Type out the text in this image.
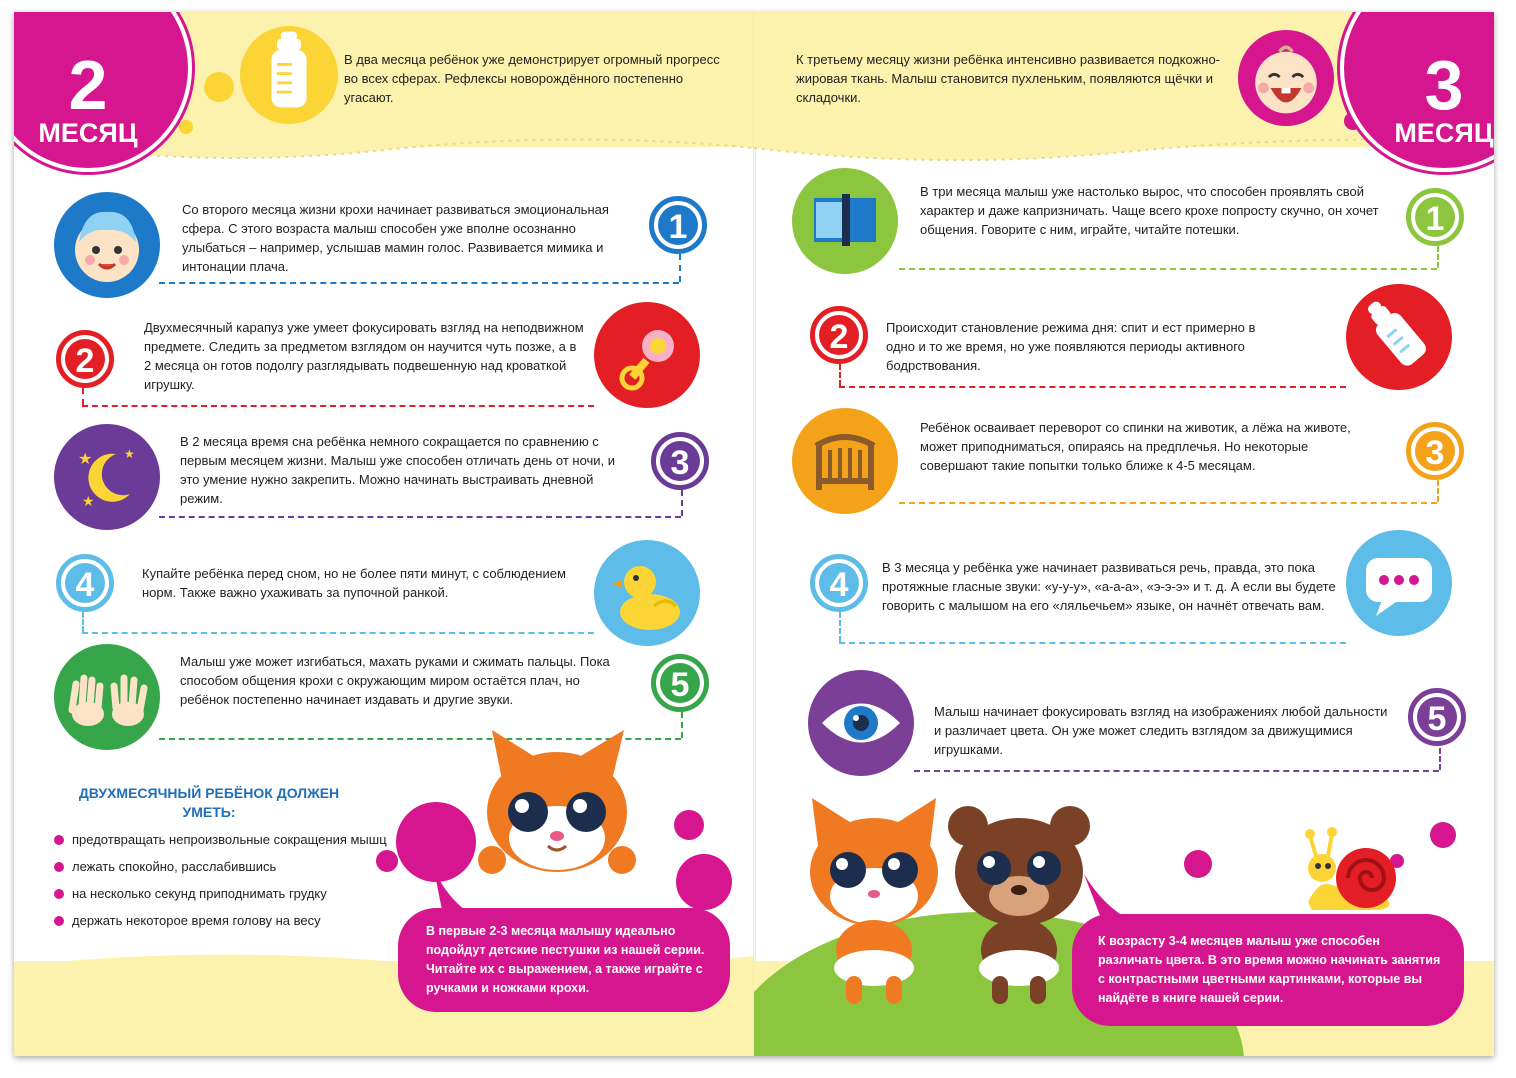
2
МЕСЯЦ
В два месяца ребёнок уже демонстрирует огромный прогресс во всех сферах. Рефлексы новорождённого постепенно угасают.
Со второго месяца жизни крохи начинает развиваться эмоциональная сфера. С этого возраста малыш способен уже вполне осознанно улыбаться – например, услышав мамин голос. Развивается мимика и интонации плача.
1
2
Двухмесячный карапуз уже умеет фокусировать взгляд на неподвижном предмете. Следить за предметом взглядом он научится чуть позже, а в 2 месяца он готов подолгу разглядывать подвешенную над кроваткой игрушку.
★	★
★
В 2 месяца время сна ребёнка немного сокращается по сравнению с первым месяцем жизни. Малыш уже способен отличать день от ночи, и это умение нужно закрепить. Можно начинать выстраивать дневной режим.
3
4	Купайте ребёнка перед сном, но не более пяти минут, с соблюдением норм. Также важно ухаживать за пупочной ранкой.
Малыш уже может изгибаться, махать руками и сжимать пальцы. Пока способом общения крохи с окружающим миром остаётся плач, но ребёнок постепенно начинает издавать и другие звуки.	5
ДВУХМЕСЯЧНЫЙ РЕБЁНОК ДОЛЖЕН УМЕТЬ:
предотвращать непроизвольные сокращения мышц
лежать спокойно, расслабившись
на несколько секунд приподнимать грудку
держать некоторое время голову на весу
В первые 2-3 месяца малышу идеально подойдут детские пестушки из нашей серии. Читайте их с выражением, а также играйте с ручками и ножками крохи.
К третьему месяцу жизни ребёнка интенсивно развивается подкожно-жировая ткань. Малыш становится пухленьким, появляются щёчки и складочки.	3
МЕСЯЦ
В три месяца малыш уже настолько вырос, что способен проявлять свой характер и даже капризничать. Чаще всего крохе попросту скучно, он хочет общения. Говорите с ним, играйте, читайте потешки.	1
2	Происходит становление режима дня: спит и ест примерно в одно и то же время, но уже появляются периоды активного бодрствования.
Ребёнок осваивает переворот со спинки на животик, а лёжа на животе, может приподниматься, опираясь на предплечья. Но некоторые совершают такие попытки только ближе к 4-5 месяцам.	3
4	В 3 месяца у ребёнка уже начинает развиваться речь, правда, это пока протяжные гласные звуки: «у-у-у», «а-а-а», «э-э-э» и т. д. А если вы будете говорить с малышом на его «ляльечьем» языке, он начнёт отвечать вам.
Малыш начинает фокусировать взгляд на изображениях любой дальности и различает цвета. Он уже может следить взглядом за движущимися игрушками.
5
К возрасту 3-4 месяцев малыш уже способен различать цвета. В это время можно начинать занятия с контрастными цветными картинками, которые вы найдёте в книге нашей серии.
